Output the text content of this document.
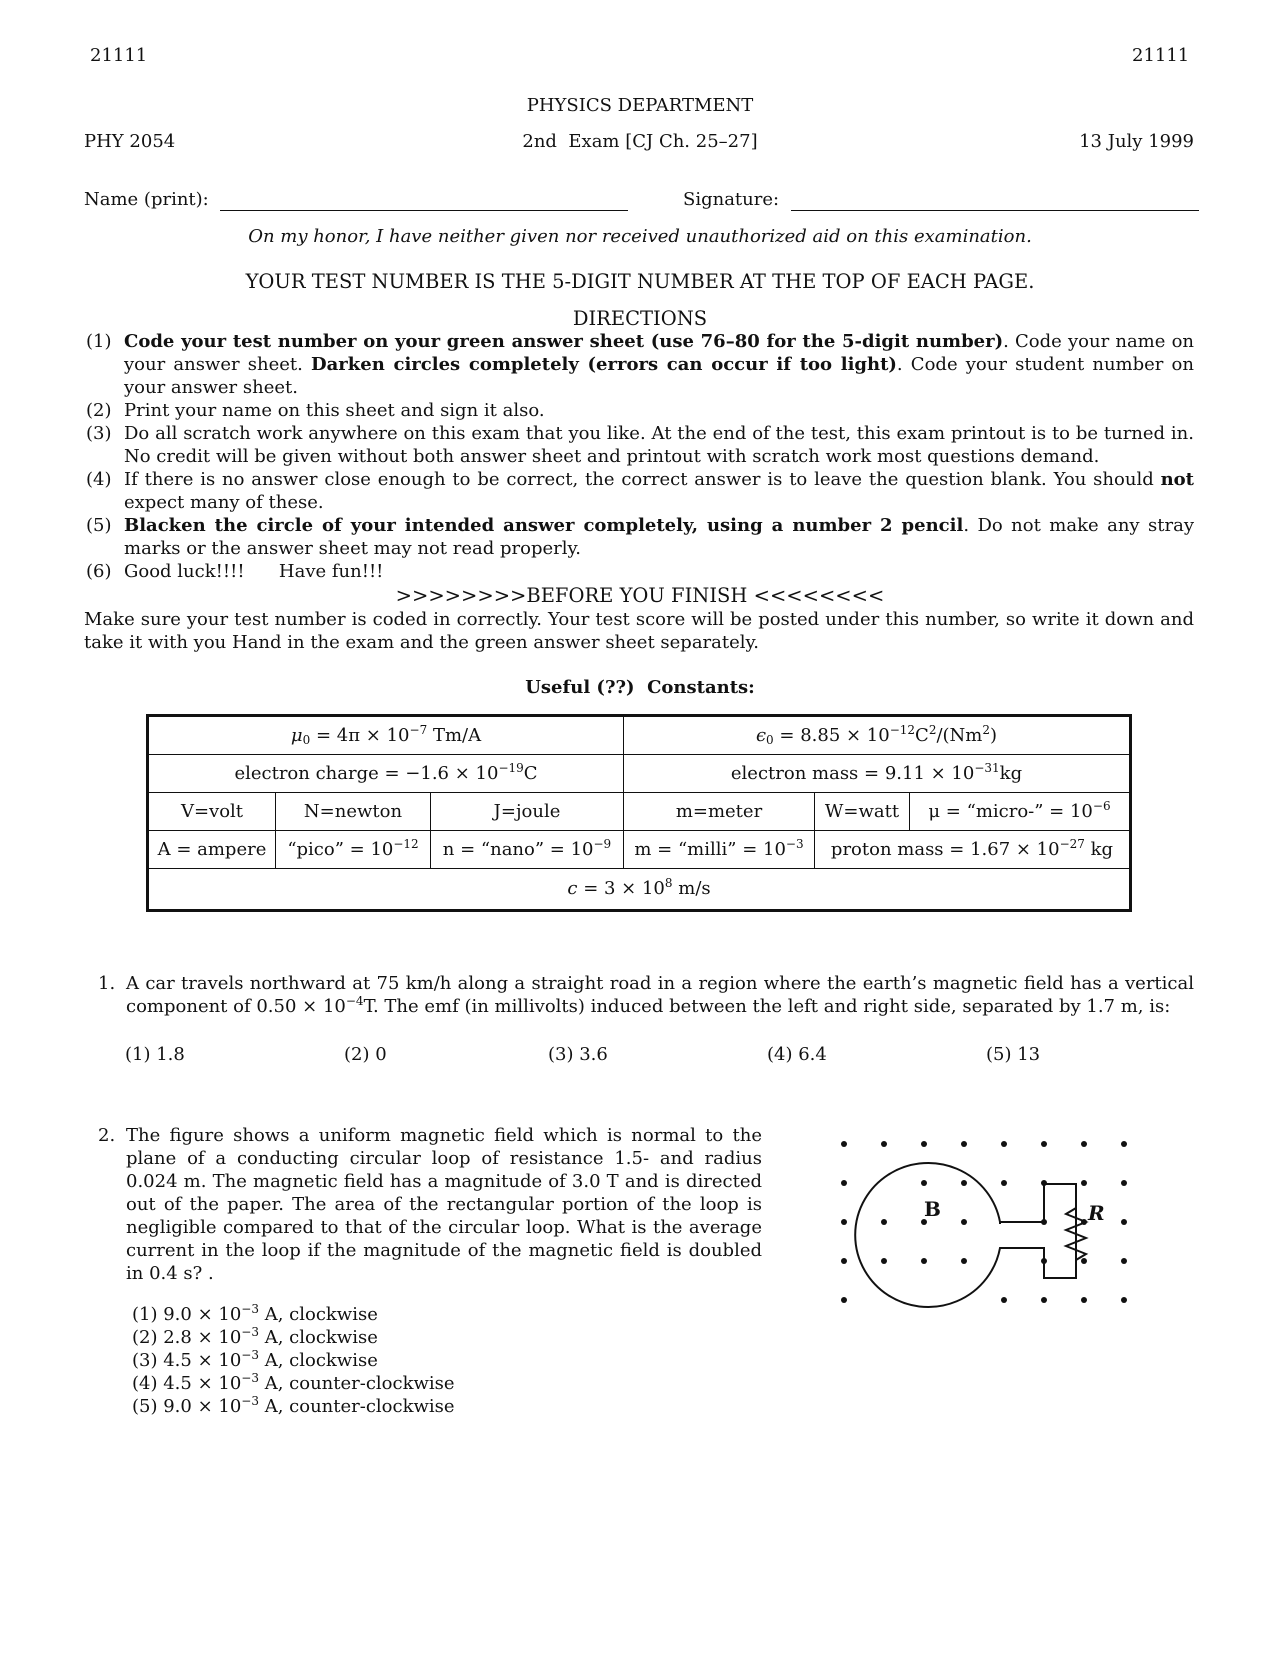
21111	21111
PHYSICS DEPARTMENT
PHY 2054	2nd  Exam [CJ Ch. 25–27]	13 July 1999
Name (print):	Signature:
On my honor, I have neither given nor received unauthorized aid on this examination.
YOUR TEST NUMBER IS THE 5-DIGIT NUMBER AT THE TOP OF EACH PAGE.
DIRECTIONS
(1) Code your test number on your green answer sheet (use 76–80 for the 5-digit number). Code your name on your answer sheet. Darken circles completely (errors can occur if too light). Code your student number on your answer sheet.
(2) Print your name on this sheet and sign it also.
(3) Do all scratch work anywhere on this exam that you like. At the end of the test, this exam printout is to be turned in. No credit will be given without both answer sheet and printout with scratch work most questions demand.
(4) If there is no answer close enough to be correct, the correct answer is to leave the question blank. You should not expect many of these.
(5) Blacken the circle of your intended answer completely, using a number 2 pencil. Do not make any stray marks or the answer sheet may not read properly.
(6) Good luck!!!!      Have fun!!!
>>>>>>>>BEFORE YOU FINISH <<<<<<<<
Make sure your test number is coded in correctly. Your test score will be posted under this number, so write it down and take it with you Hand in the exam and the green answer sheet separately.
Useful (??)  Constants:
$\mu_0 = 4\pi \times 10^{-7}$ Tm/A			$\epsilon_0 = 8.85 \times 10^{-12}C^2/(Nm^2)$		
electron charge = $-1.6 \times 10^{-19}C$			electron mass = $9.11 \times 10^{-31}kg$		
V=volt	N=newton	J=joule	m=meter	W=watt	μ = “micro-” = $10^{-6}$
A = ampere	“pico” = $10^{-12}$	n = “nano” = $10^{-9}$	m = “milli” = $10^{-3}$	proton mass = $1.67 \times 10^{-27}$ kg	
$c = 3 \times 10^8$ m/s					
1. A car travels northward at 75 km/h along a straight road in a region where the earth’s magnetic field has a vertical component of $0.50 \times 10^{-4}T$. The emf (in millivolts) induced between the left and right side, separated by 1.7 m, is:
(1) 1.8	(2) 0	(3) 3.6	(4) 6.4	(5) 13
2. The figure shows a uniform magnetic field which is normal to the plane of a conducting circular loop of resistance 1.5- and radius 0.024 m. The magnetic field has a magnitude of 3.0 T and is directed out of the paper. The area of the rectangular portion of the loop is negligible compared to that of the circular loop. What is the average current in the loop if the magnitude of the magnetic field is doubled in 0.4 s? .
(1) $9.0 \times 10^{-3}$ A, clockwise
(2) $2.8 \times 10^{-3}$ A, clockwise
(3) $4.5 \times 10^{-3}$ A, clockwise
(4) $4.5 \times 10^{-3}$ A, counter-clockwise
(5) $9.0 \times 10^{-3}$ A, counter-clockwise
B	R
